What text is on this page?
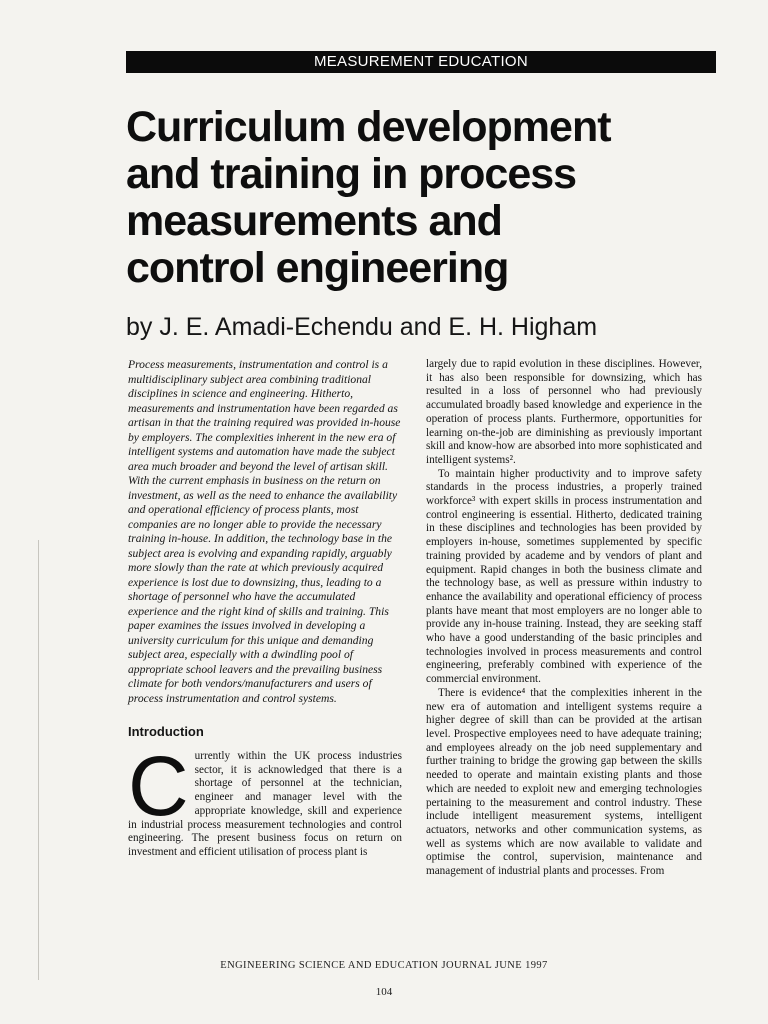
MEASUREMENT EDUCATION
Curriculum development
and training in process
measurements and
control engineering

by J. E. Amadi-Echendu and E. H. Higham

Process measurements, instrumentation and control is a multidisciplinary subject area combining traditional disciplines in science and engineering. Hitherto, measurements and instrumentation have been regarded as artisan in that the training required was provided in-house by employers. The complexities inherent in the new era of intelligent systems and automation have made the subject area much broader and beyond the level of artisan skill. With the current emphasis in business on the return on investment, as well as the need to enhance the availability and operational efficiency of process plants, most companies are no longer able to provide the necessary training in-house. In addition, the technology base in the subject area is evolving and expanding rapidly, arguably more slowly than the rate at which previously acquired experience is lost due to downsizing, thus, leading to a shortage of personnel who have the accumulated experience and the right kind of skills and training. This paper examines the issues involved in developing a university curriculum for this unique and demanding subject area, especially with a dwindling pool of appropriate school leavers and the prevailing business climate for both vendors/manufacturers and users of process instrumentation and control systems.

Introduction

Currently within the UK process industries sector, it is acknowledged that there is a shortage of personnel at the technician, engineer and manager level with the appropriate knowledge, skill and experience in industrial process measurement technologies and control engineering. The present business focus on return on investment and efficient utilisation of process plant is

largely due to rapid evolution in these disciplines. However, it has also been responsible for downsizing, which has resulted in a loss of personnel who had previously accumulated broadly based knowledge and experience in the operation of process plants. Furthermore, opportunities for learning on-the-job are diminishing as previously important skill and know-how are absorbed into more sophisticated and intelligent systems².

To maintain higher productivity and to improve safety standards in the process industries, a properly trained workforce³ with expert skills in process instrumentation and control engineering is essential. Hitherto, dedicated training in these disciplines and technologies has been provided by employers in-house, sometimes supplemented by specific training provided by academe and by vendors of plant and equipment. Rapid changes in both the business climate and the technology base, as well as pressure within industry to enhance the availability and operational efficiency of process plants have meant that most employers are no longer able to provide any in-house training. Instead, they are seeking staff who have a good understanding of the basic principles and technologies involved in process measurements and control engineering, preferably combined with experience of the commercial environment.

There is evidence⁴ that the complexities inherent in the new era of automation and intelligent systems require a higher degree of skill than can be provided at the artisan level. Prospective employees need to have adequate training; and employees already on the job need supplementary and further training to bridge the growing gap between the skills needed to operate and maintain existing plants and those which are needed to exploit new and emerging technologies pertaining to the measurement and control industry. These include intelligent measurement systems, intelligent actuators, networks and other communication systems, as well as systems which are now available to validate and optimise the control, supervision, maintenance and management of industrial plants and processes. From

ENGINEERING SCIENCE AND EDUCATION JOURNAL JUNE 1997
104
